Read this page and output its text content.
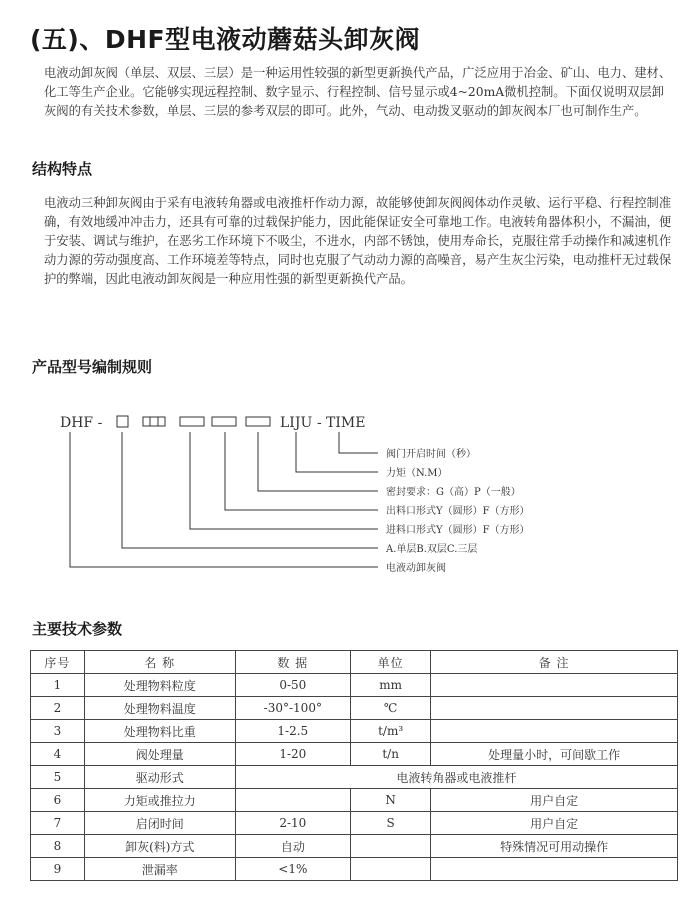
(五)、DHF型电液动蘑菇头卸灰阀

电液动卸灰阀（单层、双层、三层）是一种运用性较强的新型更新换代产品，广泛应用于冶金、矿山、电力、建材、化工等生产企业。它能够实现远程控制、数字显示、行程控制、信号显示或4~20mA微机控制。下面仅说明双层卸灰阀的有关技术参数，单层、三层的参考双层的即可。此外，气动、电动拨叉驱动的卸灰阀本厂也可制作生产。

结构特点

电液动三种卸灰阀由于采有电液转角器或电液推杆作动力源，故能够使卸灰阀阀体动作灵敏、运行平稳、行程控制准确，有效地缓冲冲击力，还具有可靠的过载保护能力，因此能保证安全可靠地工作。电液转角器体积小，不漏油，便于安装、调试与维护，在恶劣工作环境下不吸尘，不进水，内部不锈蚀，使用寿命长，克服往常手动操作和减速机作动力源的劳动强度高、工作环境差等特点，同时也克服了气动动力源的高噪音，易产生灰尘污染，电动推杆无过载保护的弊端，因此电液动卸灰阀是一种应用性强的新型更新换代产品。

产品型号编制规则
DHF -	LIJU - TIME
阀门开启时间（秒）
力矩（N.M）
密封要求：G（高）P（一般）
出料口形式Y（圆形）F（方形）
进料口形式Y（圆形）F（方形）
A.单层B.双层C.三层
电液动卸灰阀
主要技术参数
序号	名 称	数 据	单位	备 注
1	处理物料粒度	0-50	mm	
2	处理物料温度	-30°-100°	℃	
3	处理物料比重	1-2.5	t/m³	
4	阀处理量	1-20	t/n	处理量小时，可间歇工作
5	驱动形式	电液转角器或电液推杆		
6	力矩或推拉力		N	用户自定
7	启闭时间	2-10	S	用户自定
8	卸灰(料)方式	自动		特殊情况可用动操作
9	泄漏率	<1%		
